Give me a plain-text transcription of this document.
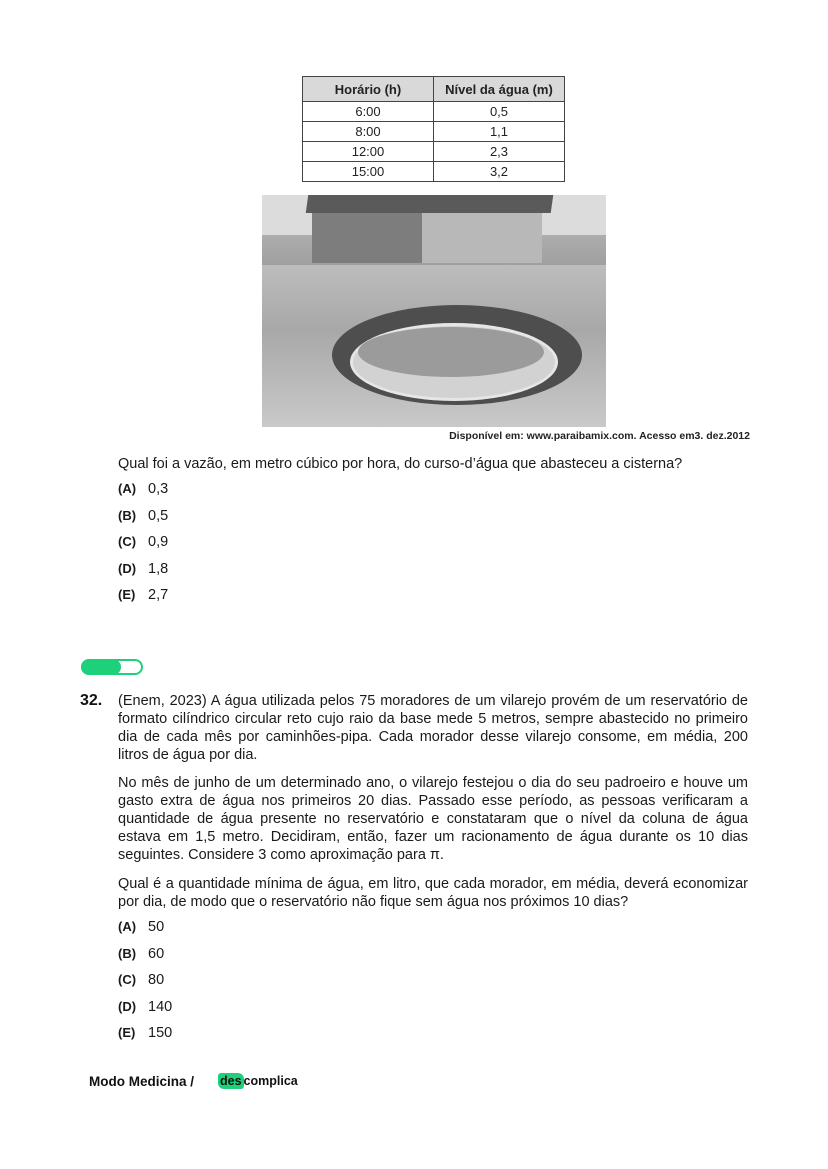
Horário (h)	Nível da água (m)
6:00	0,5
8:00	1,1
12:00	2,3
15:00	3,2
Disponível em: www.paraibamix.com. Acesso em3. dez.2012
Qual foi a vazão, em metro cúbico por hora, do curso-d’água que abasteceu a cisterna?
(A) 0,3
(B) 0,5
(C) 0,9
(D) 1,8
(E) 2,7
32. (Enem, 2023) A água utilizada pelos 75 moradores de um vilarejo provém de um reservatório de formato cilíndrico circular reto cujo raio da base mede 5 metros, sempre abastecido no primeiro dia de cada mês por caminhões-pipa. Cada morador desse vilarejo consome, em média, 200 litros de água por dia.
No mês de junho de um determinado ano, o vilarejo festejou o dia do seu padroeiro e houve um gasto extra de água nos primeiros 20 dias. Passado esse período, as pessoas verificaram a quantidade de água presente no reservatório e constataram que o nível da coluna de água estava em 1,5 metro. Decidiram, então, fazer um racionamento de água durante os 10 dias seguintes. Considere 3 como aproximação para π.
Qual é a quantidade mínima de água, em litro, que cada morador, em média, deverá economizar por dia, de modo que o reservatório não fique sem água nos próximos 10 dias?
(A) 50
(B) 60
(C) 80
(D) 140
(E) 150
Modo Medicina / des complica
